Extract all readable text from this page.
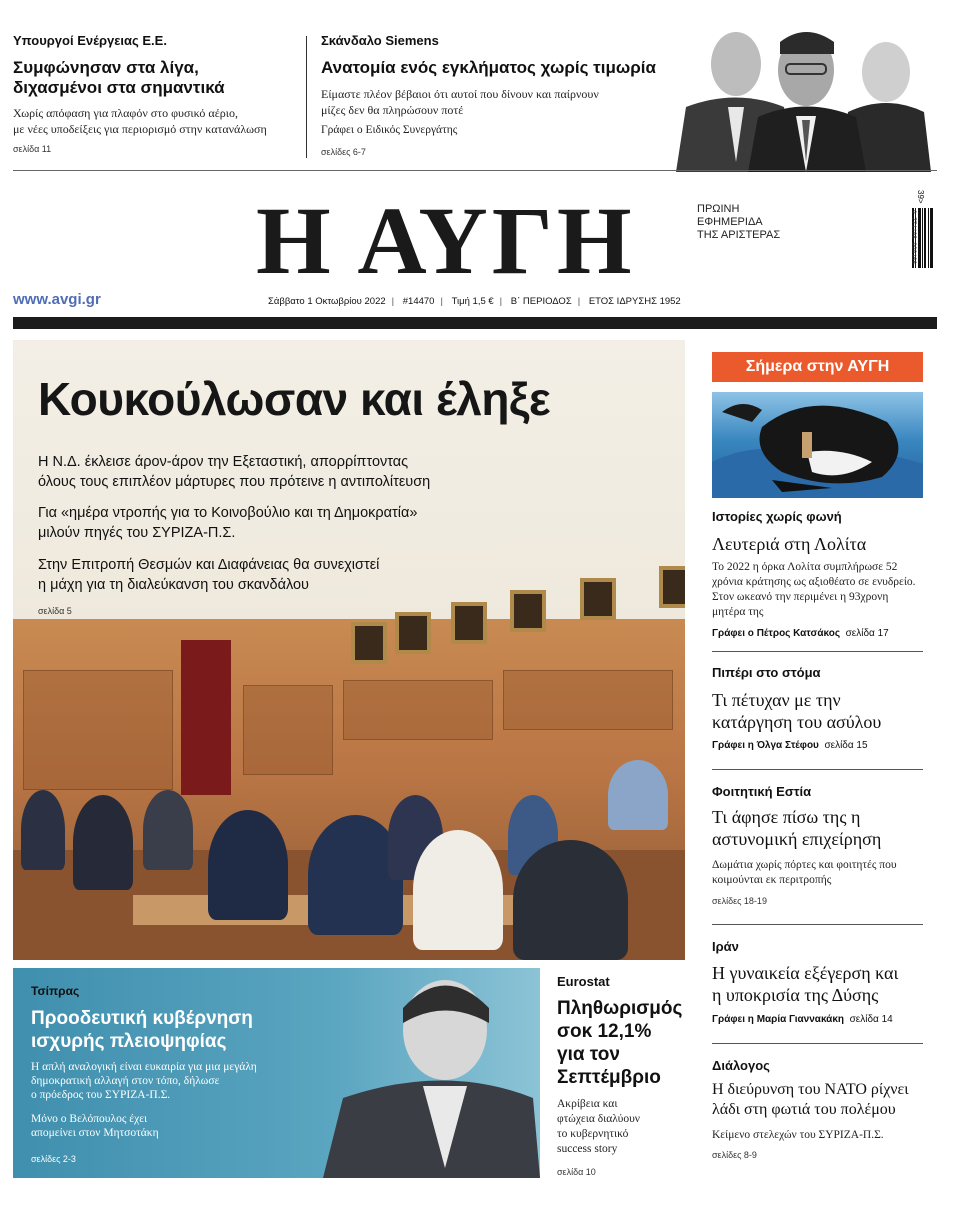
Υπουργοί Ενέργειας Ε.Ε.
Συμφώνησαν στα λίγα,
διχασμένοι στα σημαντικά
Χωρίς απόφαση για πλαφόν στο φυσικό αέριο,
με νέες υποδείξεις για περιορισμό στην κατανάλωση
σελίδα 11
Σκάνδαλο Siemens
Ανατομία ενός εγκλήματος χωρίς τιμωρία
Είμαστε πλέον βέβαιοι ότι αυτοί που δίνουν και παίρνουν
μίζες δεν θα πληρώσουν ποτέ
Γράφει ο Ειδικός Συνεργάτης
σελίδες 6-7
Η ΑΥΓΗ	ΠΡΩΙΝΗ
ΕΦΗΜΕΡΙΔΑ
ΤΗΣ ΑΡΙΣΤΕΡΑΣ
39>
9 771108 990166
www.avgi.gr	Σάββατο 1 Οκτωβρίου 2022 | #14470 | Τιμή 1,5 € | Β΄ ΠΕΡΙΟΔΟΣ | ΕΤΟΣ ΙΔΡΥΣΗΣ 1952
Κουκούλωσαν και έληξε
Η Ν.Δ. έκλεισε άρον-άρον την Εξεταστική, απορρίπτοντας
όλους τους επιπλέον μάρτυρες που πρότεινε η αντιπολίτευση
Για «ημέρα ντροπής για το Κοινοβούλιο και τη Δημοκρατία»
μιλούν πηγές του ΣΥΡΙΖΑ-Π.Σ.
Στην Επιτροπή Θεσμών και Διαφάνειας θα συνεχιστεί
η μάχη για τη διαλεύκανση του σκανδάλου
σελίδα 5
Σήμερα στην ΑΥΓΗ
Ιστορίες χωρίς φωνή
Λευτεριά στη Λολίτα
Το 2022 η όρκα Λολίτα συμπλήρωσε 52
χρόνια κράτησης ως αξιοθέατο σε ενυδρείο.
Στον ωκεανό την περιμένει η 93χρονη
μητέρα της
Γράφει ο Πέτρος Κατσάκος σελίδα 17
Πιπέρι στο στόμα
Τι πέτυχαν με την
κατάργηση του ασύλου
Γράφει η Όλγα Στέφου σελίδα 15
Φοιτητική Εστία
Τι άφησε πίσω της η
αστυνομική επιχείρηση
Δωμάτια χωρίς πόρτες και φοιτητές που
κοιμούνται εκ περιτροπής
σελίδες 18-19
Ιράν
Η γυναικεία εξέγερση και
η υποκρισία της Δύσης
Γράφει η Μαρία Γιαννακάκη σελίδα 14
Διάλογος
Η διεύρυνση του ΝΑΤΟ ρίχνει
λάδι στη φωτιά του πολέμου
Κείμενο στελεχών του ΣΥΡΙΖΑ-Π.Σ.
σελίδες 8-9
Τσίπρας
Προοδευτική κυβέρνηση
ισχυρής πλειοψηφίας
Η απλή αναλογική είναι ευκαιρία για μια μεγάλη
δημοκρατική αλλαγή στον τόπο, δήλωσε
ο πρόεδρος του ΣΥΡΙΖΑ-Π.Σ.
Μόνο ο Βελόπουλος έχει
απομείνει στον Μητσοτάκη
σελίδες 2-3
Eurostat
Πληθωρισμός
σοκ 12,1%
για τον
Σεπτέμβριο
Ακρίβεια και
φτώχεια διαλύουν
το κυβερνητικό
success story
σελίδα 10
